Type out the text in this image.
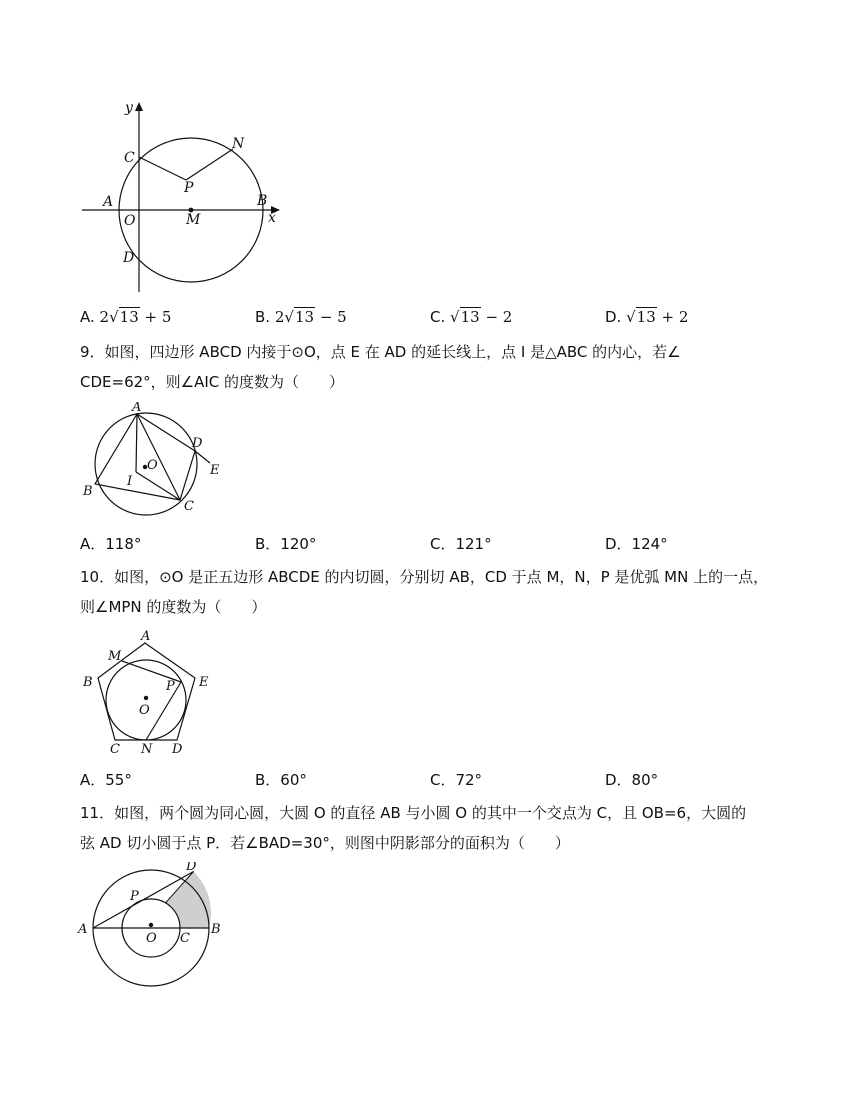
y
x
C
N
P
A
O	M
B
D
A. 2√13 + 5	B. 2√13 − 5	C. √13 − 2	D. √13 + 2
9．如图，四边形 ABCD 内接于⊙O，点 E 在 AD 的延长线上，点 I 是△ABC 的内心，若∠
CDE=62°，则∠AIC 的度数为（　　）
A
D
O	E
I
B
C
A．118°	B．120°	C．121°	D．124°
10．如图，⊙O 是正五边形 ABCDE 的内切圆，分别切 AB，CD 于点 M，N，P 是优弧 MN 上的一点，
则∠MPN 的度数为（　　）
A
M
B	P E
O
C N D
A．55°	B．60°	C．72°	D．80°
11．如图，两个圆为同心圆，大圆 O 的直径 AB 与小圆 O 的其中一个交点为 C，且 OB=6，大圆的
弦 AD 切小圆于点 P．若∠BAD=30°，则图中阴影部分的面积为（　　）
D
P
A
O C
B
